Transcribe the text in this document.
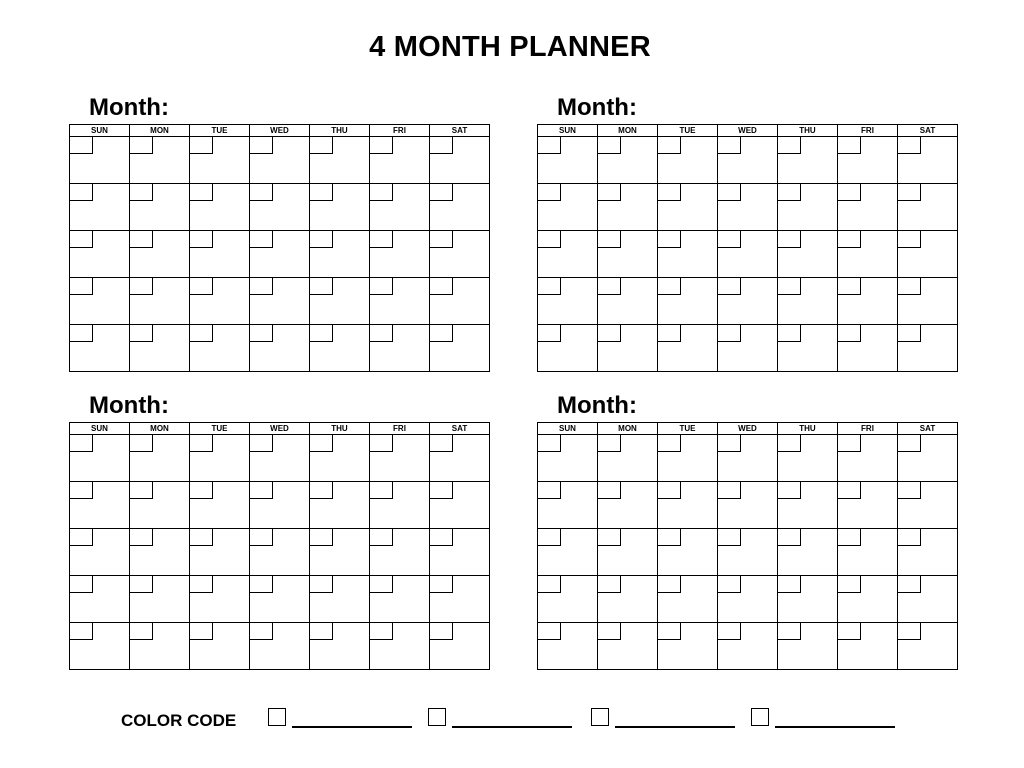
4 MONTH PLANNER
Month:
SUN	MON	TUE	WED	THU	FRI	SAT

Month:
SUN	MON	TUE	WED	THU	FRI	SAT

Month:
SUN	MON	TUE	WED	THU	FRI	SAT

Month:
SUN	MON	TUE	WED	THU	FRI	SAT

COLOR CODE
